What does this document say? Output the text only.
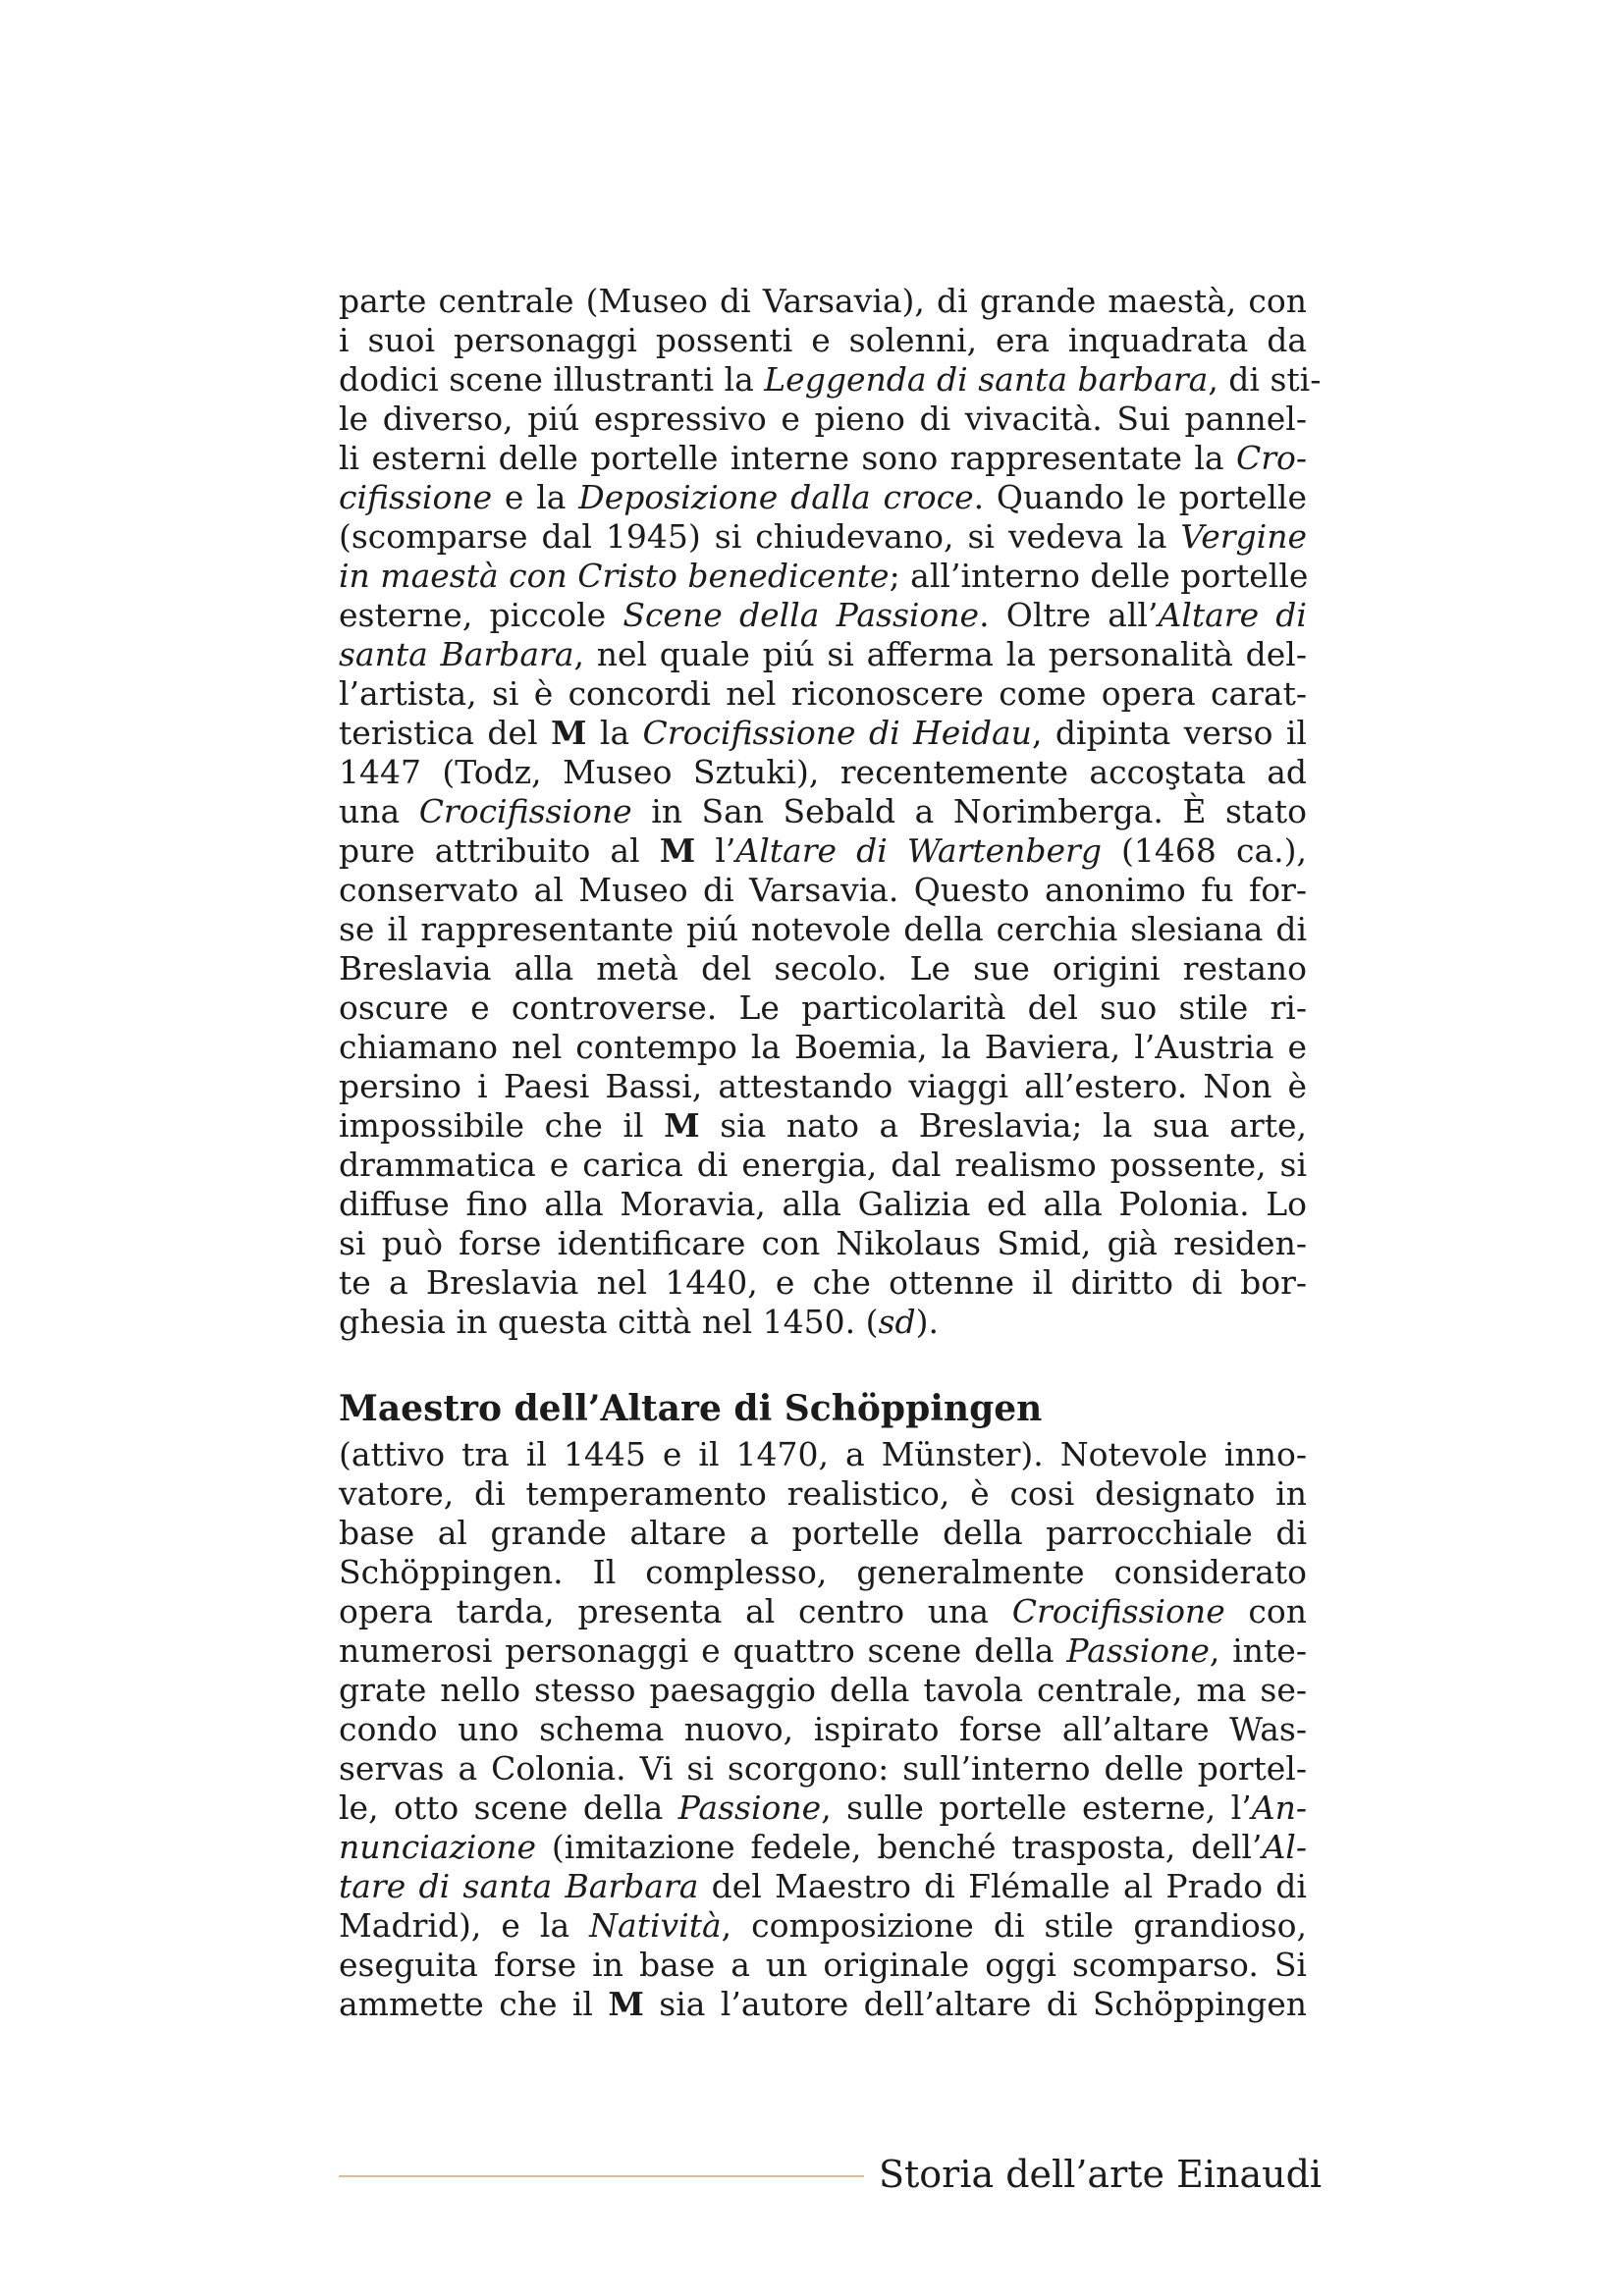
parte centrale (Museo di Varsavia), di grande maestà, con
i suoi personaggi possenti e solenni, era inquadrata da
dodici scene illustranti la Leggenda di santa barbara, di sti-
le diverso, piú espressivo e pieno di vivacità. Sui pannel-
li esterni delle portelle interne sono rappresentate la Cro-
cifissione e la Deposizione dalla croce. Quando le portelle
(scomparse dal 1945) si chiudevano, si vedeva la Vergine
in maestà con Cristo benedicente; all’interno delle portelle
esterne, piccole Scene della Passione. Oltre all’Altare di
santa Barbara, nel quale piú si afferma la personalità del-
l’artista, si è concordi nel riconoscere come opera carat-
teristica del M la Crocifissione di Heidau, dipinta verso il
1447 (Todz, Museo Sztuki), recentemente accoştata ad
una Crocifissione in San Sebald a Norimberga. È stato
pure attribuito al M l’Altare di Wartenberg (1468 ca.),
conservato al Museo di Varsavia. Questo anonimo fu for-
se il rappresentante piú notevole della cerchia slesiana di
Breslavia alla metà del secolo. Le sue origini restano
oscure e controverse. Le particolarità del suo stile ri-
chiamano nel contempo la Boemia, la Baviera, l’Austria e
persino i Paesi Bassi, attestando viaggi all’estero. Non è
impossibile che il M sia nato a Breslavia; la sua arte,
drammatica e carica di energia, dal realismo possente, si
diffuse fino alla Moravia, alla Galizia ed alla Polonia. Lo
si può forse identificare con Nikolaus Smid, già residen-
te a Breslavia nel 1440, e che ottenne il diritto di bor-
ghesia in questa città nel 1450. (sd).
Maestro dell’Altare di Schöppingen
(attivo tra il 1445 e il 1470, a Münster). Notevole inno-
vatore, di temperamento realistico, è cosi designato in
base al grande altare a portelle della parrocchiale di
Schöppingen. Il complesso, generalmente considerato
opera tarda, presenta al centro una Crocifissione con
numerosi personaggi e quattro scene della Passione, inte-
grate nello stesso paesaggio della tavola centrale, ma se-
condo uno schema nuovo, ispirato forse all’altare Was-
servas a Colonia. Vi si scorgono: sull’interno delle portel-
le, otto scene della Passione, sulle portelle esterne, l’An-
nunciazione (imitazione fedele, benché trasposta, dell’Al-
tare di santa Barbara del Maestro di Flémalle al Prado di
Madrid), e la Natività, composizione di stile grandioso,
eseguita forse in base a un originale oggi scomparso. Si
ammette che il M sia l’autore dell’altare di Schöppingen
Storia dell’arte Einaudi
